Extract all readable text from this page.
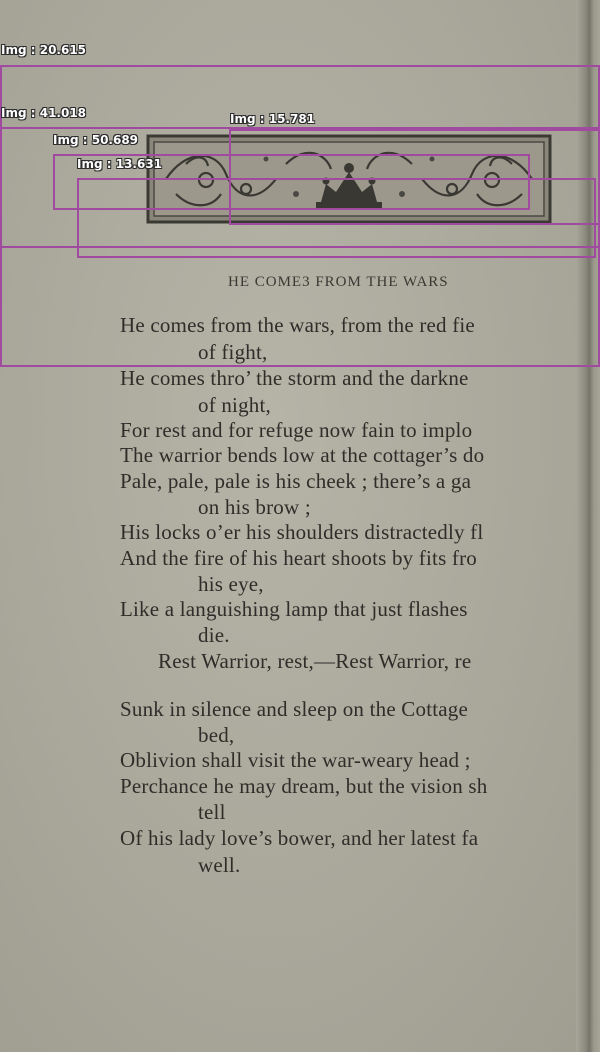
HE COME3 FROM THE WARS
He comes from the wars, from the red fie
of fight,
He comes thro’ the storm and the darkne
of night,
For rest and for refuge now fain to implo
The warrior bends low at the cottager’s do
Pale, pale, pale is his cheek ; there’s a ga
on his brow ;
His locks o’er his shoulders distractedly fl
And the fire of his heart shoots by fits fro
his eye,
Like a languishing lamp that just flashes
die.
Rest Warrior, rest,—Rest Warrior, re
Sunk in silence and sleep on the Cottage
bed,
Oblivion shall visit the war-weary head ;
Perchance he may dream, but the vision sh
tell
Of his lady love’s bower, and her latest fa
well.
Img : 20.615
Img : 41.018	Img : 15.781
Img : 50.689
Img : 13.631
